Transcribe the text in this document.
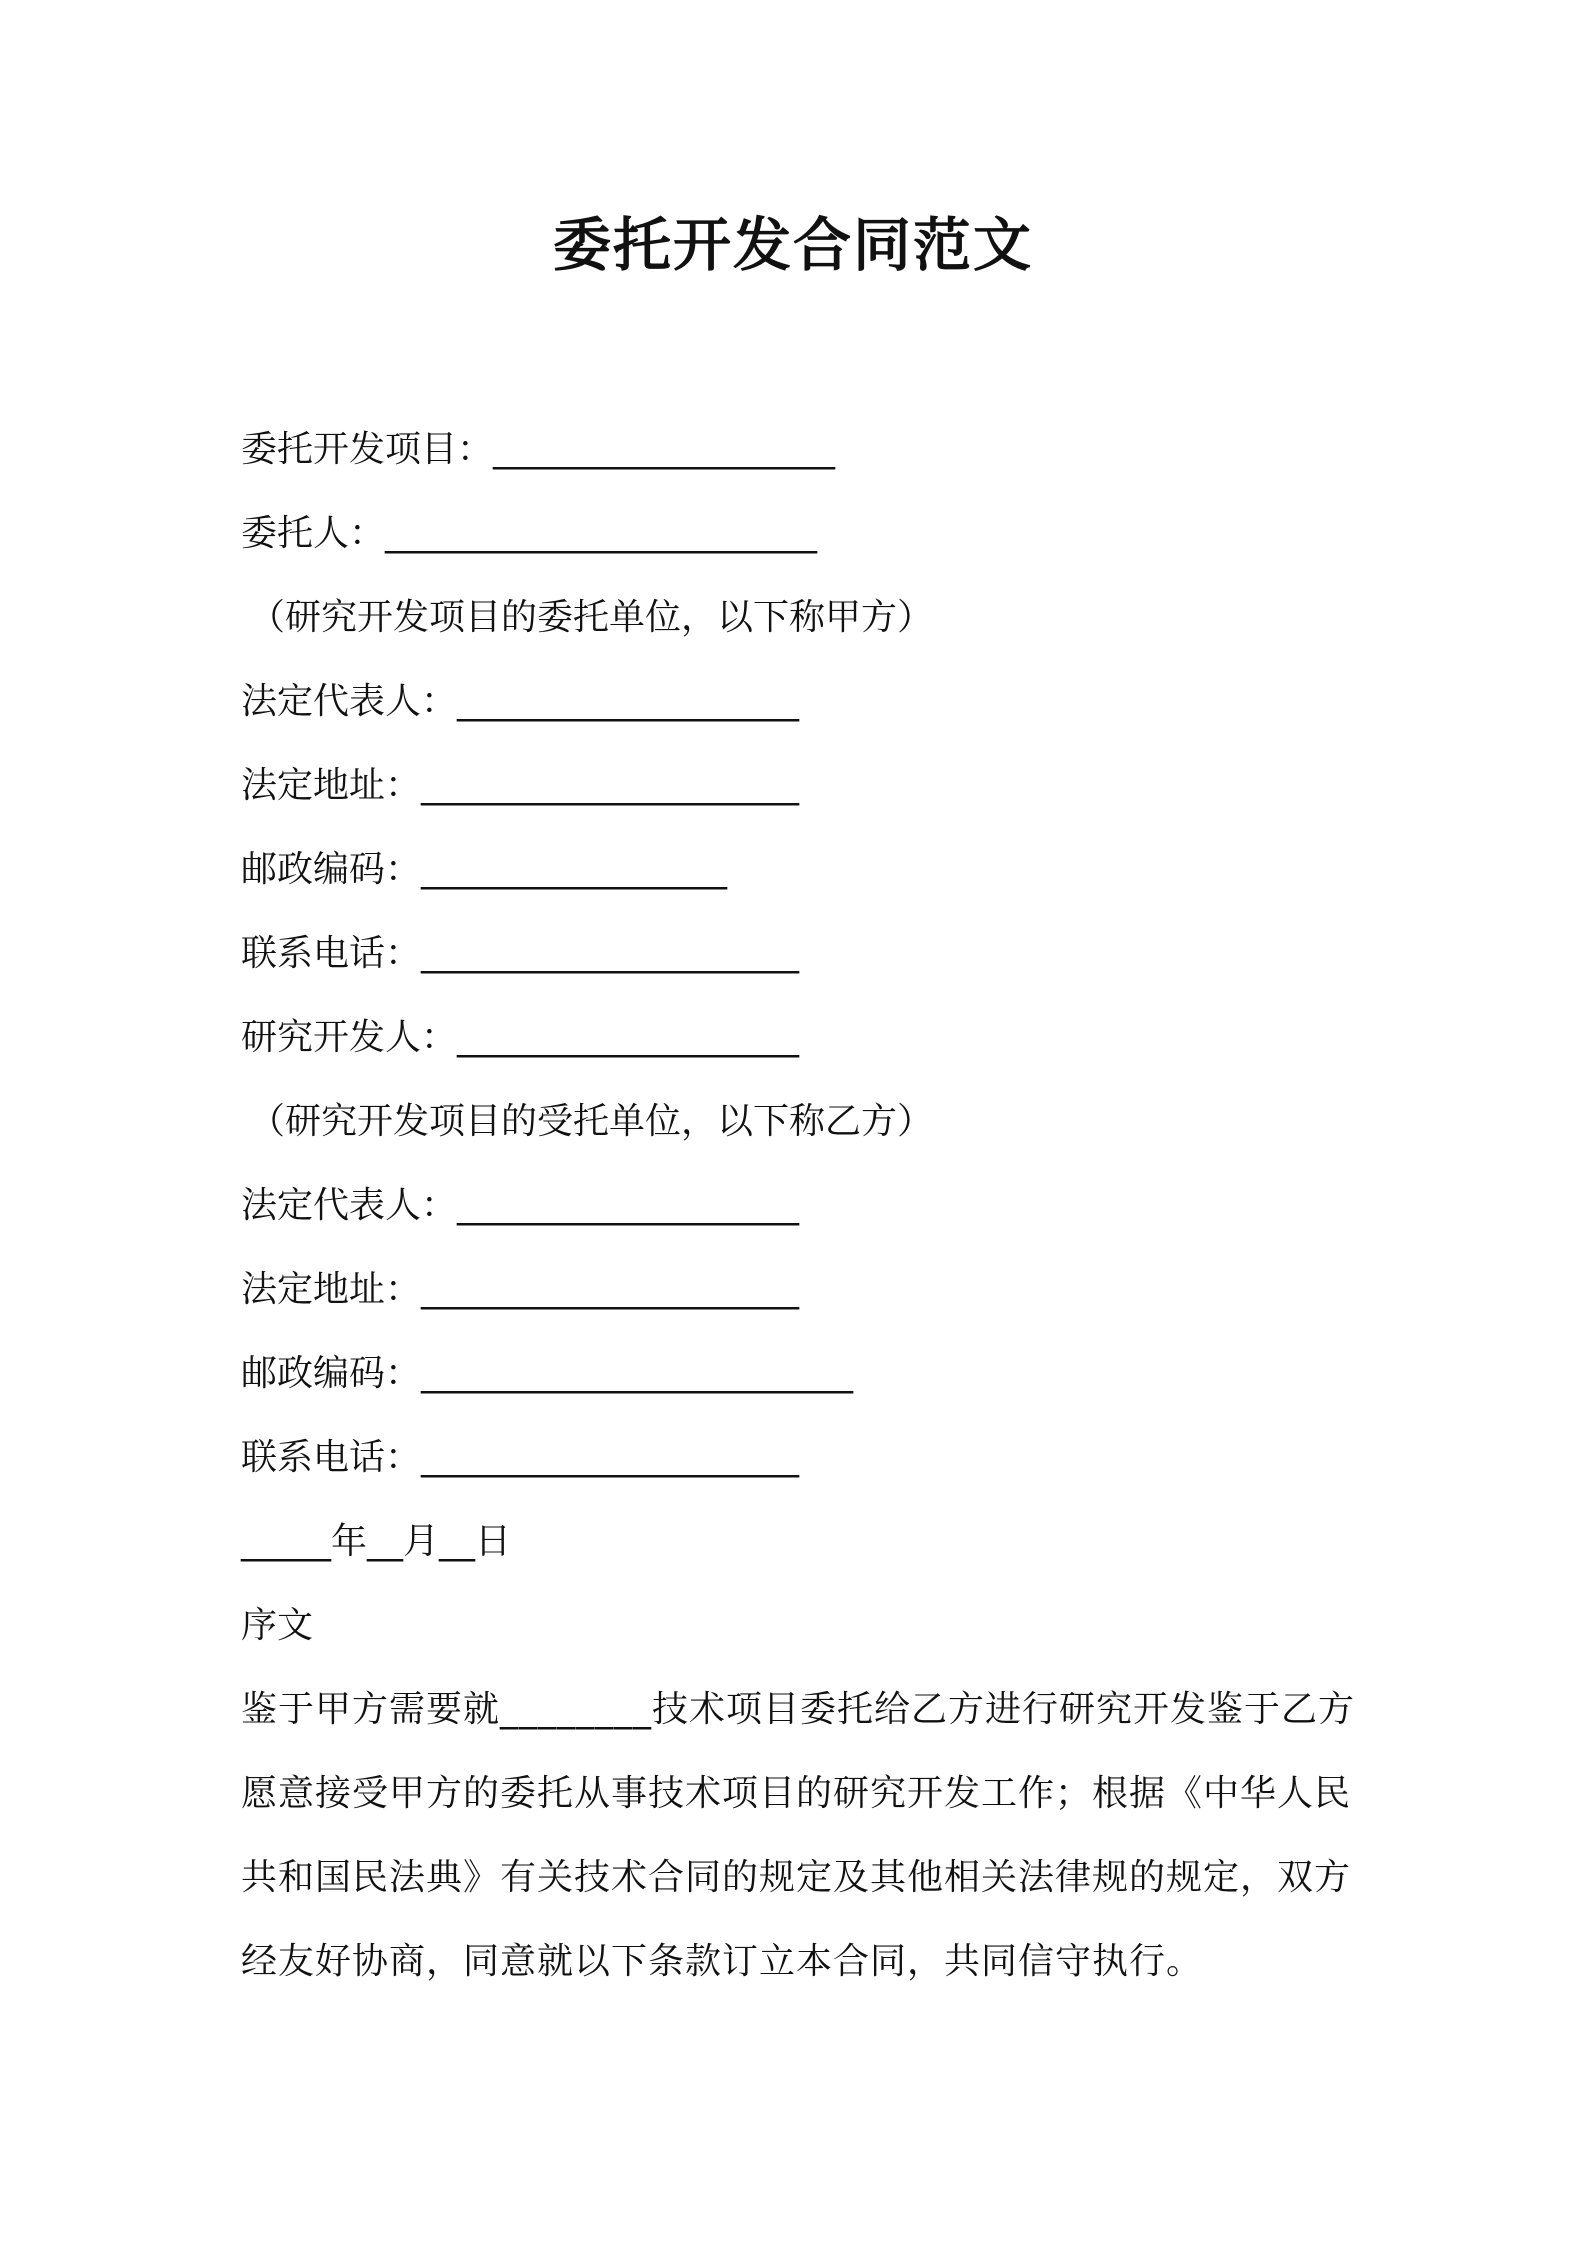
委托开发合同范文
委托开发项目：___________________
委托人：________________________
（研究开发项目的委托单位，以下称甲方）
法定代表人：___________________
法定地址：_____________________
邮政编码：_________________
联系电话：_____________________
研究开发人：___________________
（研究开发项目的受托单位，以下称乙方）
法定代表人：___________________
法定地址：_____________________
邮政编码：________________________
联系电话：_____________________
_____年__月__日
序文
鉴于甲方需要就________技术项目委托给乙方进行研究开发鉴于乙方愿意接受甲方的委托从事技术项目的研究开发工作；根据《中华人民共和国民法典》有关技术合同的规定及其他相关法律规的规定，双方经友好协商，同意就以下条款订立本合同，共同信守执行。
